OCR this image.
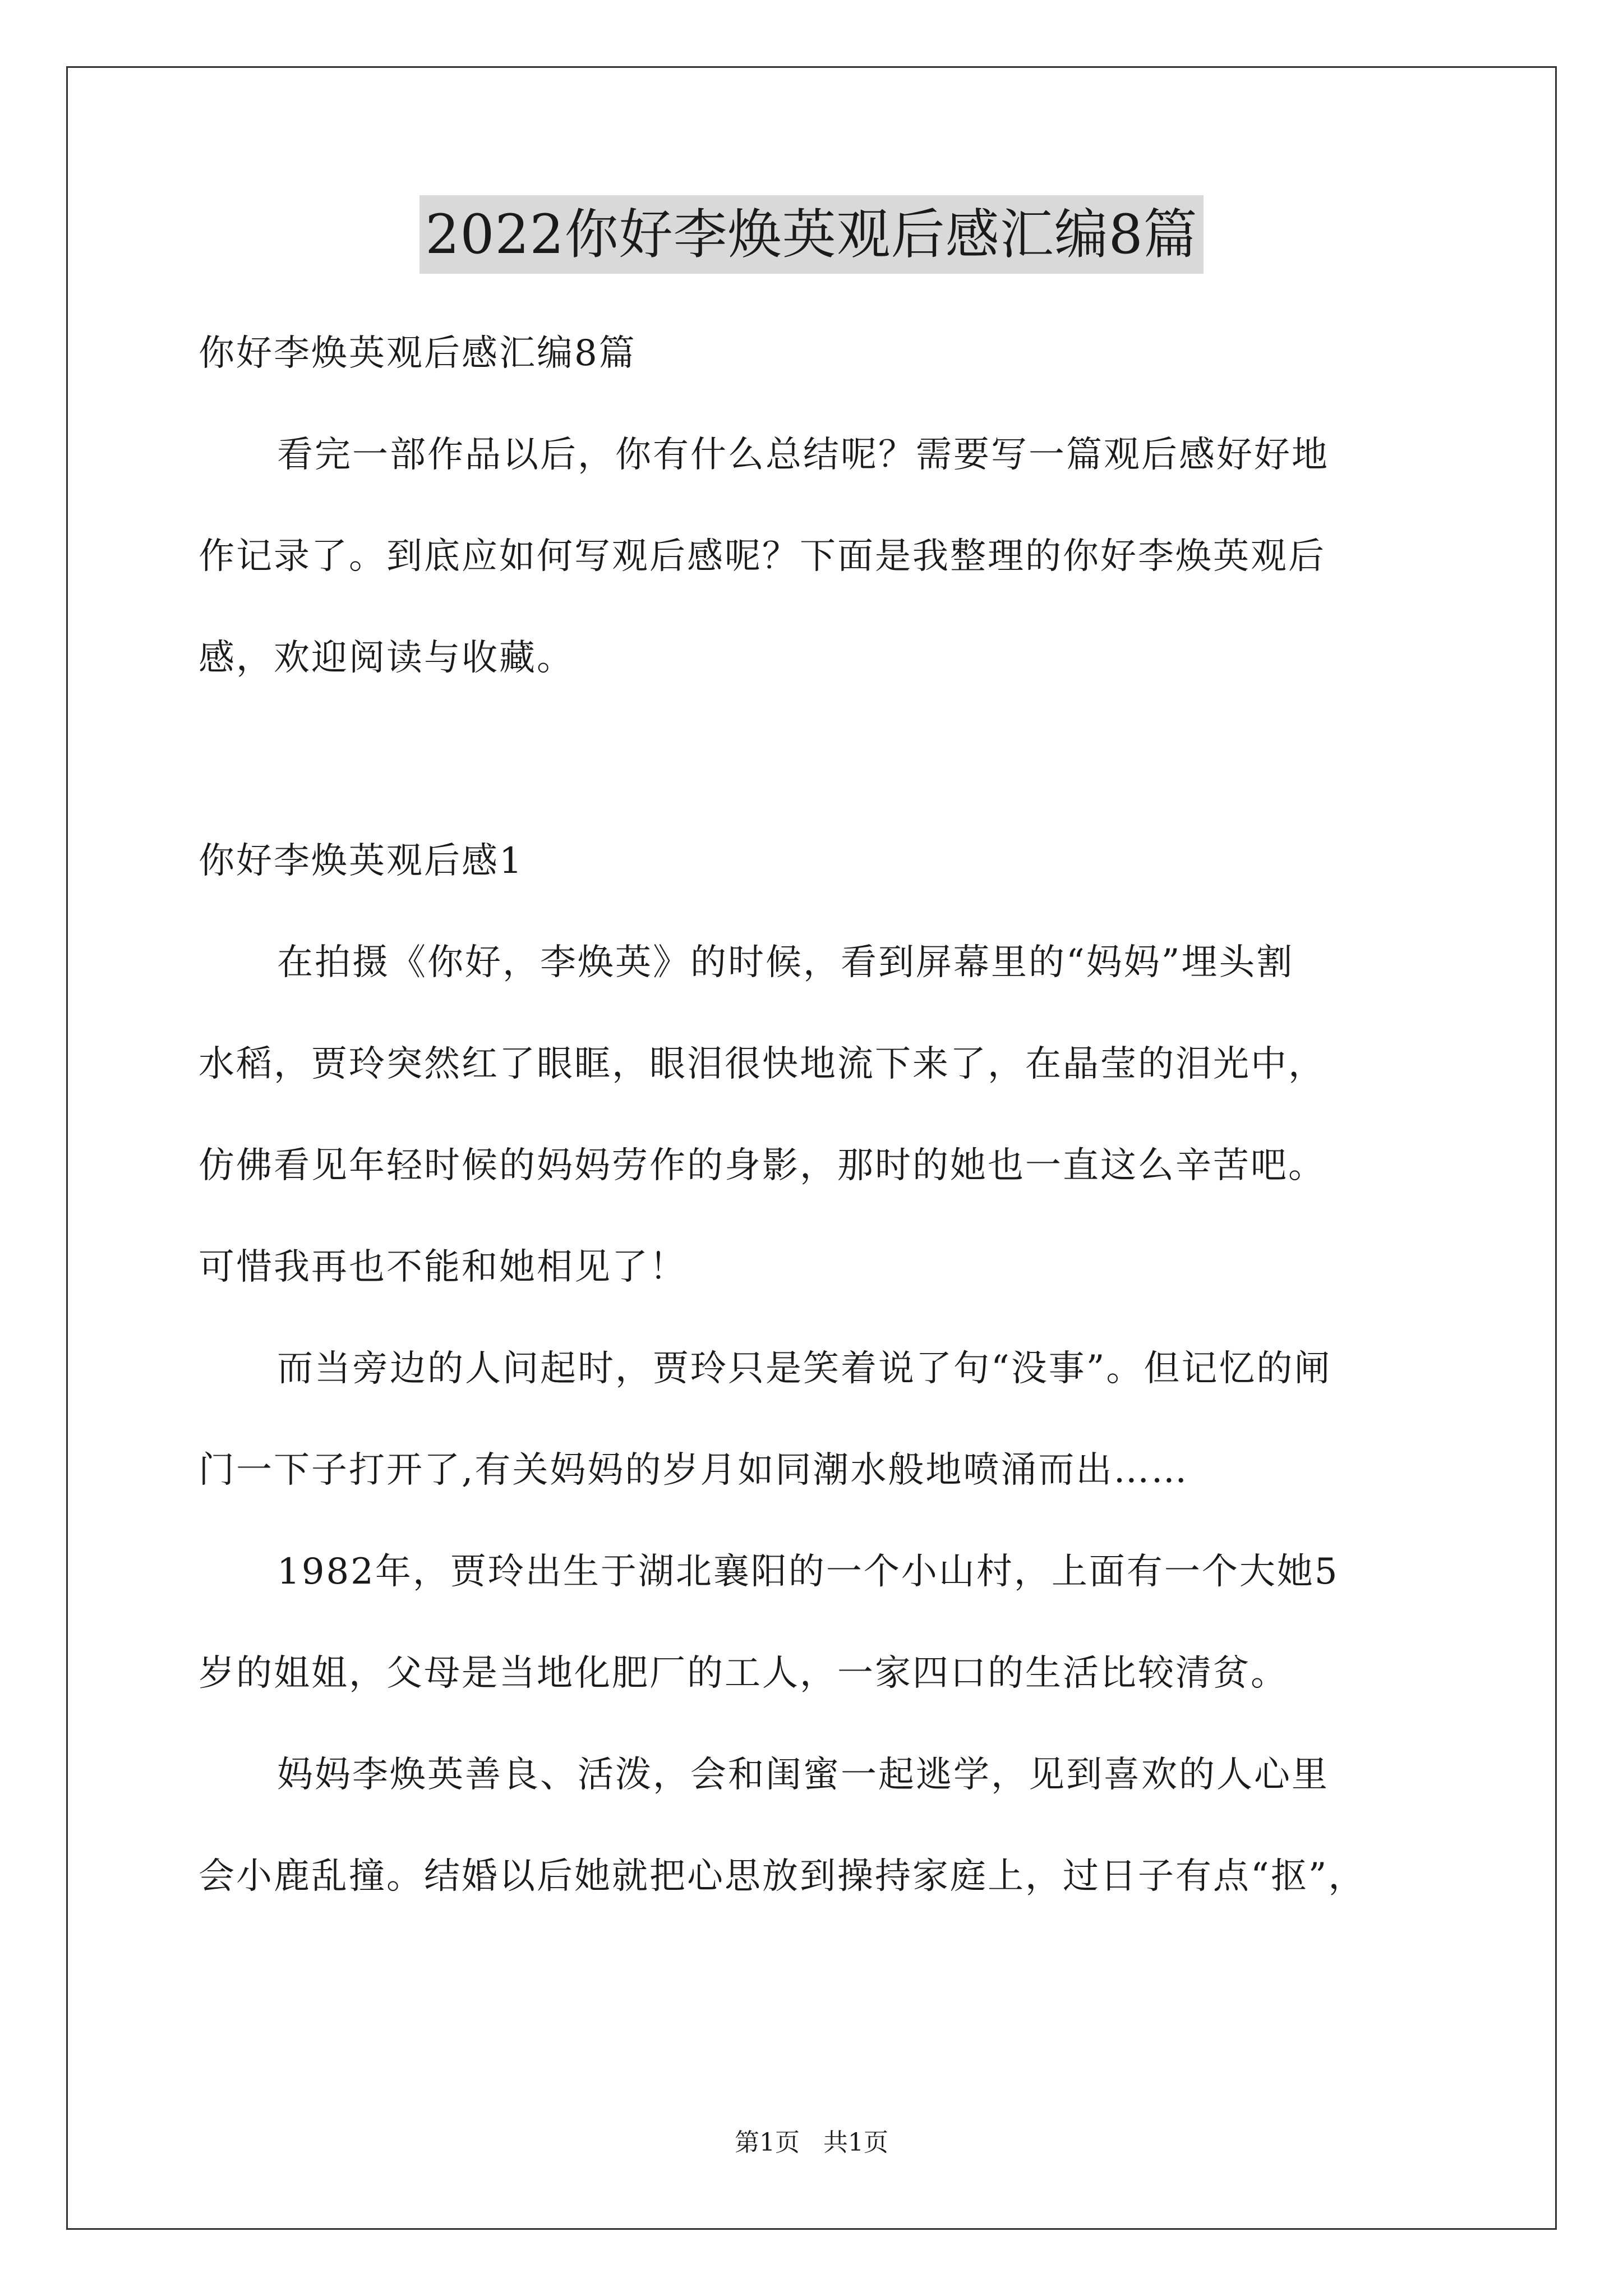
2022你好李焕英观后感汇编8篇
你好李焕英观后感汇编8篇
看完一部作品以后，你有什么总结呢？需要写一篇观后感好好地
作记录了。到底应如何写观后感呢？下面是我整理的你好李焕英观后
感，欢迎阅读与收藏。
你好李焕英观后感1
在拍摄《你好，李焕英》的时候，看到屏幕里的“妈妈”埋头割
水稻，贾玲突然红了眼眶，眼泪很快地流下来了，在晶莹的泪光中，
仿佛看见年轻时候的妈妈劳作的身影，那时的她也一直这么辛苦吧。
可惜我再也不能和她相见了！
而当旁边的人问起时，贾玲只是笑着说了句“没事”。但记忆的闸
门一下子打开了,有关妈妈的岁月如同潮水般地喷涌而出……
1982年，贾玲出生于湖北襄阳的一个小山村，上面有一个大她5
岁的姐姐，父母是当地化肥厂的工人，一家四口的生活比较清贫。
妈妈李焕英善良、活泼，会和闺蜜一起逃学，见到喜欢的人心里
会小鹿乱撞。结婚以后她就把心思放到操持家庭上，过日子有点“抠”，
第1页   共1页
